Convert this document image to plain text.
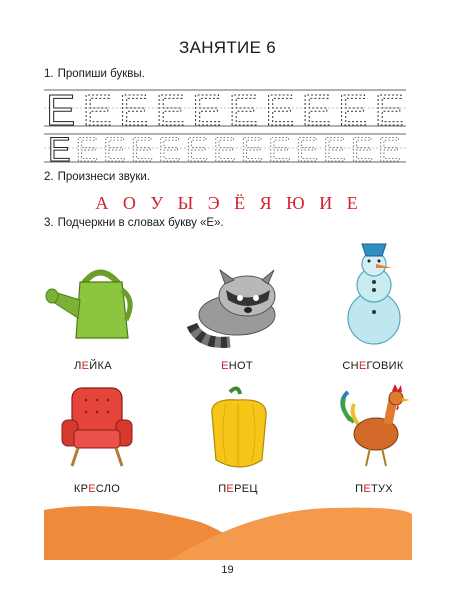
ЗАНЯТИЕ 6
1. Пропиши буквы.
Е Е Е Е Е Е Е Е Е Е
Е Е Е Е Е Е Е Е Е Е Е Е Е
2. Произнеси звуки.
А О У Ы Э Ё Я Ю И Е
3. Подчеркни в словах букву «Е».
ЛЕЙКА	ЕНОТ	СНЕГОВИК
КРЕСЛО	ПЕРЕЦ	ПЕТУХ
19
